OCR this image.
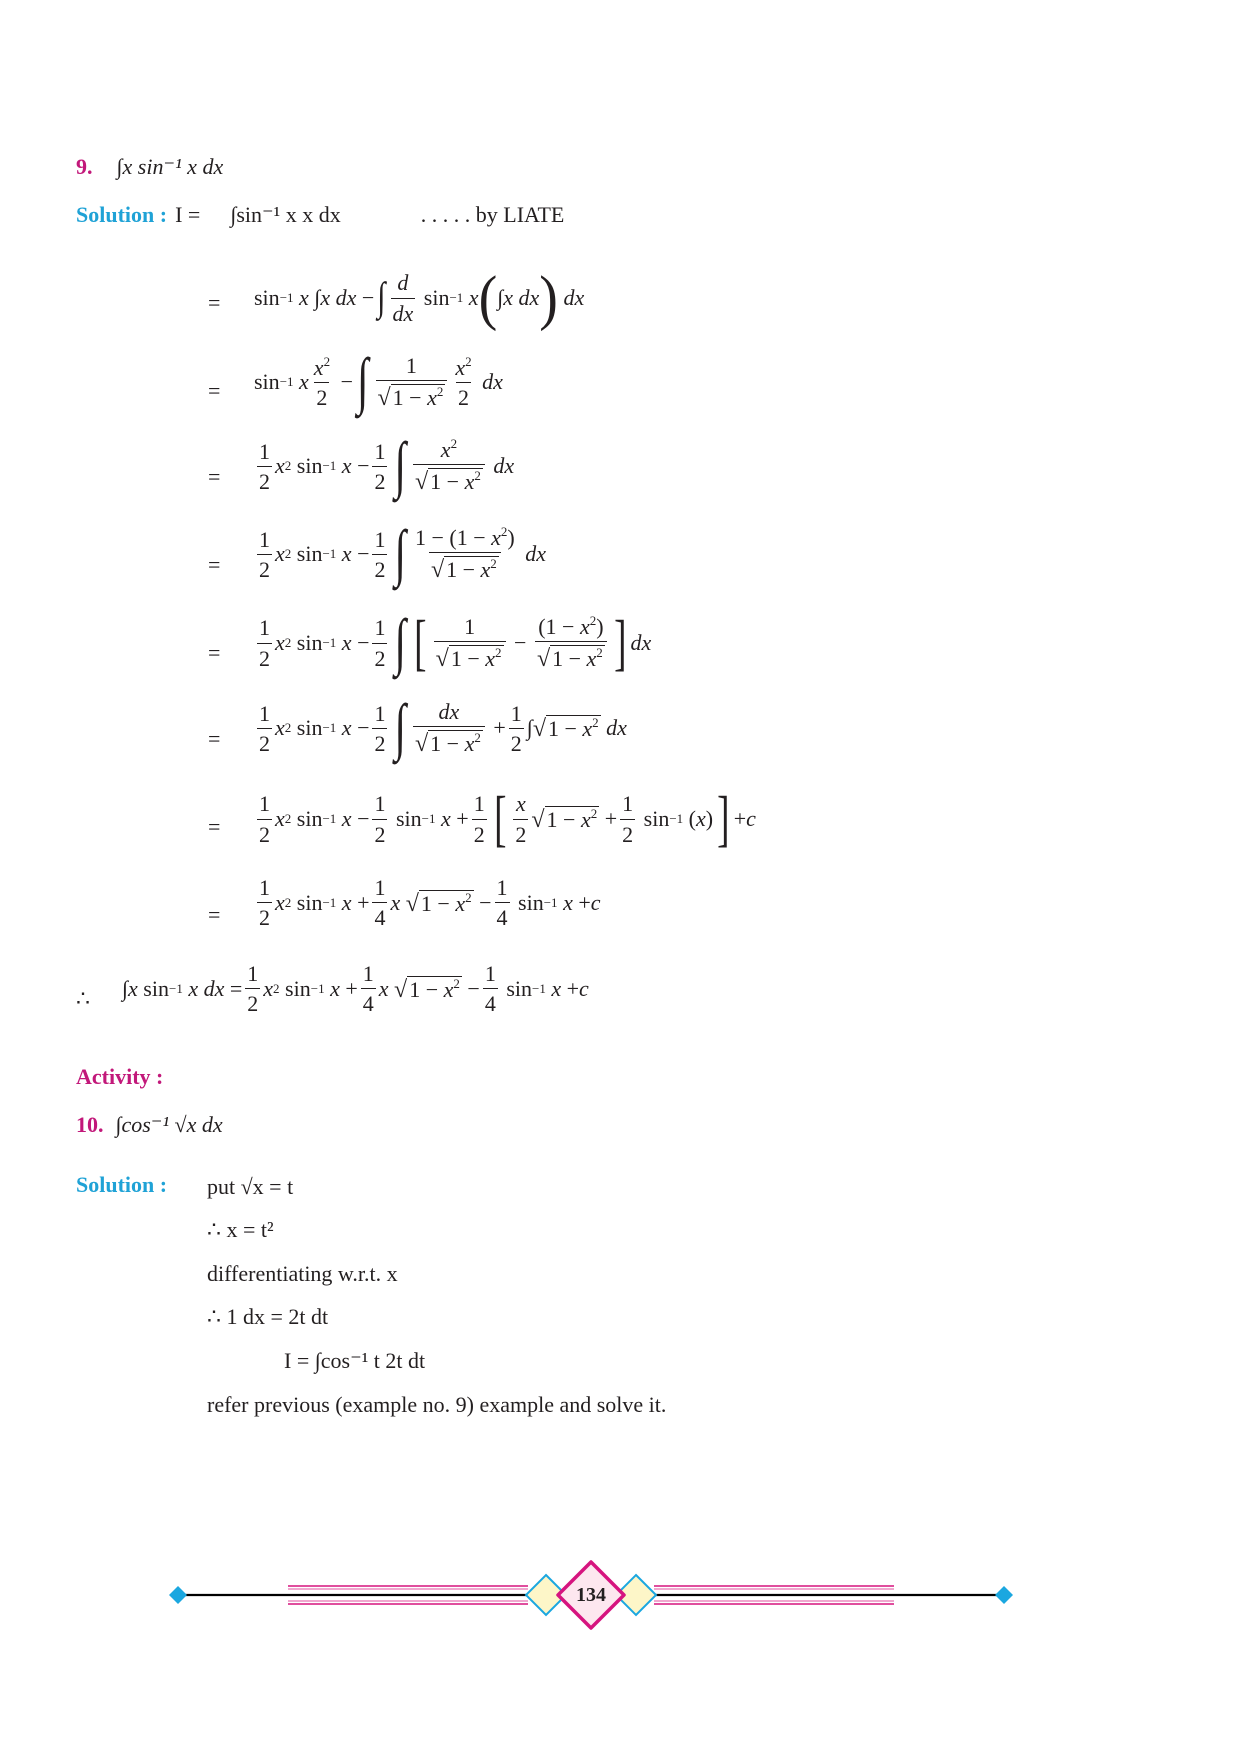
9. ∫x sin⁻¹ x dx
Solution : I = ∫sin⁻¹ x x dx	. . . . . by LIATE
= sin −1
x ∫ x dx − ∫ $\frac{d}{dx}$ sin −1
x ( ∫ x dx )
dx
= sin −1
x $\frac{x^2}{2}$ − ∫ $\frac{1}{√ 1 - x^2} \frac{x^2}{2}$
dx
= $\frac{1}{2}$ x 2 sin −1
$x - \frac{1}{2}$ ∫ $\frac{x^2}{√ 1 - x^2}$
dx
= $\frac{1}{2}$ x 2 sin −1
$x - \frac{1}{2}$ ∫ $\frac{1 - (1 - x^2)}{√ 1 - x^2}$
dx
= $\frac{1}{2}$ x 2 sin −1
$x - \frac{1}{2}$ ∫ [ $\frac{1}{√ 1 - x^2} - \frac{(1 - x^2)}{√ 1 - x^2}$ ] dx
= $\frac{1}{2}$ x 2 sin −1
$x - \frac{1}{2}$ ∫ $\frac{dx}{√ 1 - x^2} + \frac{1}{2}$ ∫ √ $1 - x^2$
dx
= $\frac{1}{2}$ x 2 sin −1
$x - \frac{1}{2}$ sin −1
$x + \frac{1}{2}$ [ $\frac{x}{2}$ √ $1 - x^2 + \frac{1}{2}$ sin −1 ( x ) ] + c
= $\frac{1}{2}$ x 2 sin −1
$x + \frac{1}{4}$ x
√ $1 - x^2 - \frac{1}{4}$ sin −1
x + c
∴ ∫ x sin −1
x dx = $\frac{1}{2}$ x 2 sin −1
$x + \frac{1}{4}$ x
√ $1 - x^2 - \frac{1}{4}$ sin −1
x + c
Activity :
10. ∫cos⁻¹ √x dx
Solution : put √x = t
∴ x = t²
differentiating w.r.t. x
∴ 1 dx = 2t dt
I = ∫cos⁻¹ t 2t dt
refer previous (example no. 9) example and solve it.
134
